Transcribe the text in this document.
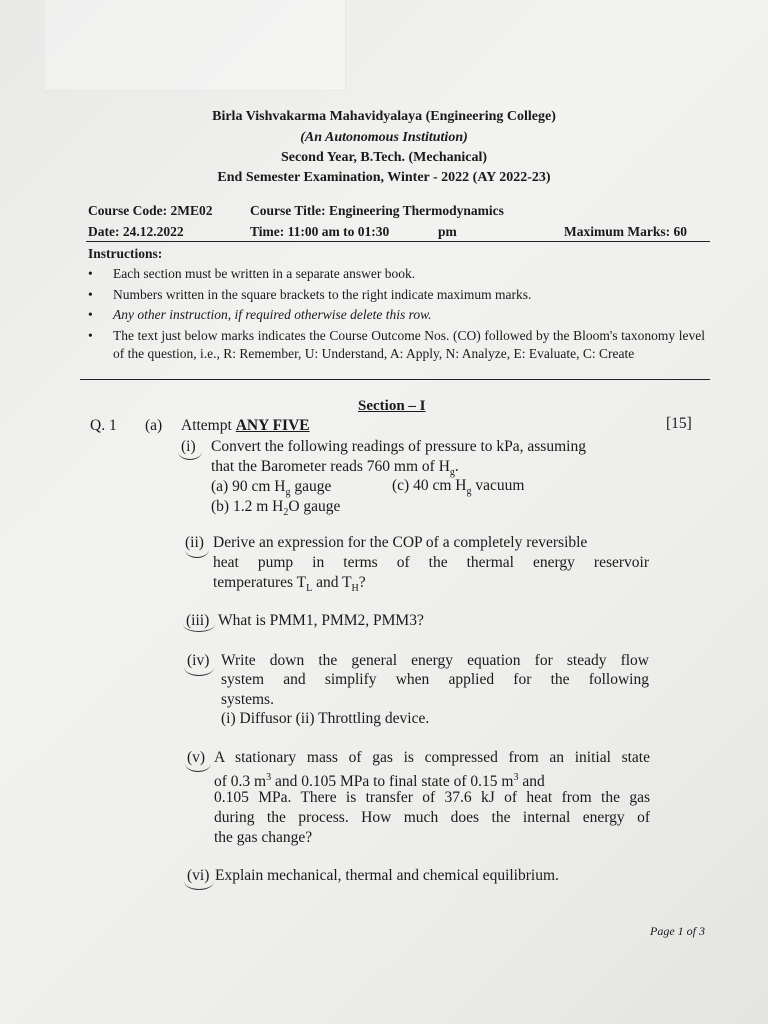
Birla Vishvakarma Mahavidyalaya (Engineering College)
(An Autonomous Institution)
Second Year, B.Tech. (Mechanical)
End Semester Examination, Winter - 2022 (AY 2022-23)
Course Code: 2ME02	Course Title: Engineering Thermodynamics
Date: 24.12.2022	Time: 11:00 am to 01:30	pm	Maximum Marks: 60
Instructions:
• Each section must be written in a separate answer book.
• Numbers written in the square brackets to the right indicate maximum marks.
• Any other instruction, if required otherwise delete this row.
• The text just below marks indicates the Course Outcome Nos. (CO) followed by the Bloom's taxonomy level of the question, i.e., R: Remember, U: Understand, A: Apply, N: Analyze, E: Evaluate, C: Create
Section – I
Q. 1 (a) Attempt ANY FIVE	[15]
(i) Convert the following readings of pressure to kPa, assuming
that the Barometer reads 760 mm of $H_g$.
(a) 90 cm $H_g$ gauge	(c) 40 cm $H_g$ vacuum
(b) 1.2 m $H_2O$ gauge
(ii) Derive an expression for the COP of a completely reversible
heat pump in terms of the thermal energy reservoir
temperatures $T_L$ and $T_H$?
(iii) What is PMM1, PMM2, PMM3?
(iv) Write down the general energy equation for steady flow
system and simplify when applied for the following
systems.
(i) Diffusor (ii) Throttling device.
(v) A stationary mass of gas is compressed from an initial state
of 0.3 $m^3$ and 0.105 MPa to final state of 0.15 $m^3$ and
0.105 MPa. There is transfer of 37.6 kJ of heat from the gas
during the process. How much does the internal energy of
the gas change?
(vi) Explain mechanical, thermal and chemical equilibrium.
Page 1 of 3
